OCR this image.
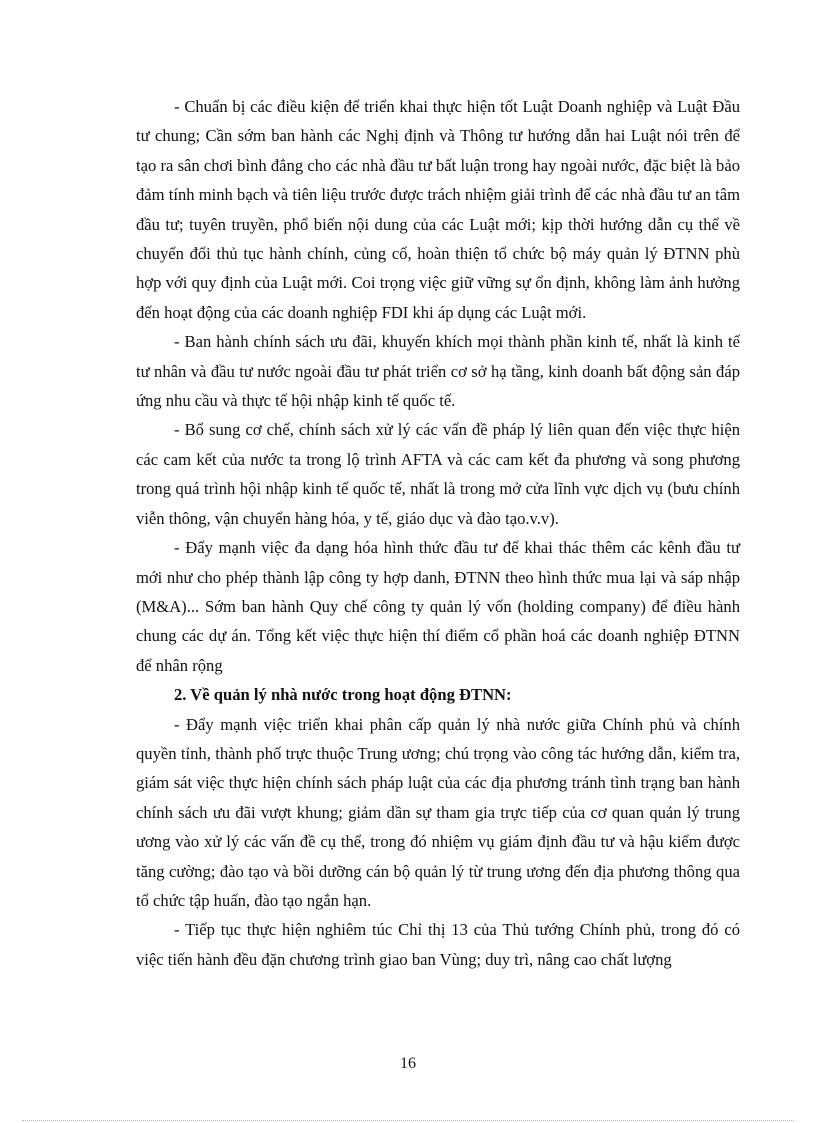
- Chuẩn bị các điều kiện để triển khai thực hiện tốt Luật Doanh nghiệp và Luật Đầu tư chung; Cần sớm ban hành các Nghị định và Thông tư hướng dẫn hai Luật nói trên để tạo ra sân chơi bình đẳng cho các nhà đầu tư bất luận trong hay ngoài nước, đặc biệt là bảo đảm tính minh bạch và tiên liệu trước được trách nhiệm giải trình để các nhà đầu tư an tâm đầu tư; tuyên truyền, phổ biến nội dung của các Luật mới; kịp thời hướng dẫn cụ thể về chuyển đổi thủ tục hành chính, củng cố, hoàn thiện tổ chức bộ máy quản lý ĐTNN phù hợp với quy định của Luật mới. Coi trọng việc giữ vững sự ổn định, không làm ảnh hưởng đến hoạt động của các doanh nghiệp FDI khi áp dụng các Luật mới.

- Ban hành chính sách ưu đãi, khuyến khích mọi thành phần kinh tế, nhất là kinh tế tư nhân và đầu tư nước ngoài đầu tư phát triển cơ sở hạ tầng, kinh doanh bất động sản đáp ứng nhu cầu và thực tế hội nhập kinh tế quốc tế.

- Bổ sung cơ chế, chính sách xử lý các vấn đề pháp lý liên quan đến việc thực hiện các cam kết của nước ta trong lộ trình AFTA và các cam kết đa phương và song phương trong quá trình hội nhập kinh tế quốc tế, nhất là trong mở cửa lĩnh vực dịch vụ (bưu chính viễn thông, vận chuyển hàng hóa, y tế, giáo dục và đào tạo.v.v).

- Đẩy mạnh việc đa dạng hóa hình thức đầu tư để khai thác thêm các kênh đầu tư mới như cho phép thành lập công ty hợp danh, ĐTNN theo hình thức mua lại và sáp nhập (M&A)... Sớm ban hành Quy chế công ty quản lý vốn (holding company) để điều hành chung các dự án. Tổng kết việc thực hiện thí điểm cổ phần hoá các doanh nghiệp ĐTNN để nhân rộng

2. Về quản lý nhà nước trong hoạt động ĐTNN:

- Đẩy mạnh việc triển khai phân cấp quản lý nhà nước giữa Chính phủ và chính quyền tỉnh, thành phố trực thuộc Trung ương; chú trọng vào công tác hướng dẫn, kiểm tra, giám sát việc thực hiện chính sách pháp luật của các địa phương tránh tình trạng ban hành chính sách ưu đãi vượt khung; giảm dần sự tham gia trực tiếp của cơ quan quản lý trung ương vào xử lý các vấn đề cụ thể, trong đó nhiệm vụ giám định đầu tư và hậu kiểm được tăng cường; đào tạo và bồi dưỡng cán bộ quản lý từ trung ương đến địa phương thông qua tổ chức tập huấn, đào tạo ngắn hạn.

- Tiếp tục thực hiện nghiêm túc Chỉ thị 13 của Thủ tướng Chính phủ, trong đó có việc tiến hành đều đặn chương trình giao ban Vùng; duy trì, nâng cao chất lượng

16
